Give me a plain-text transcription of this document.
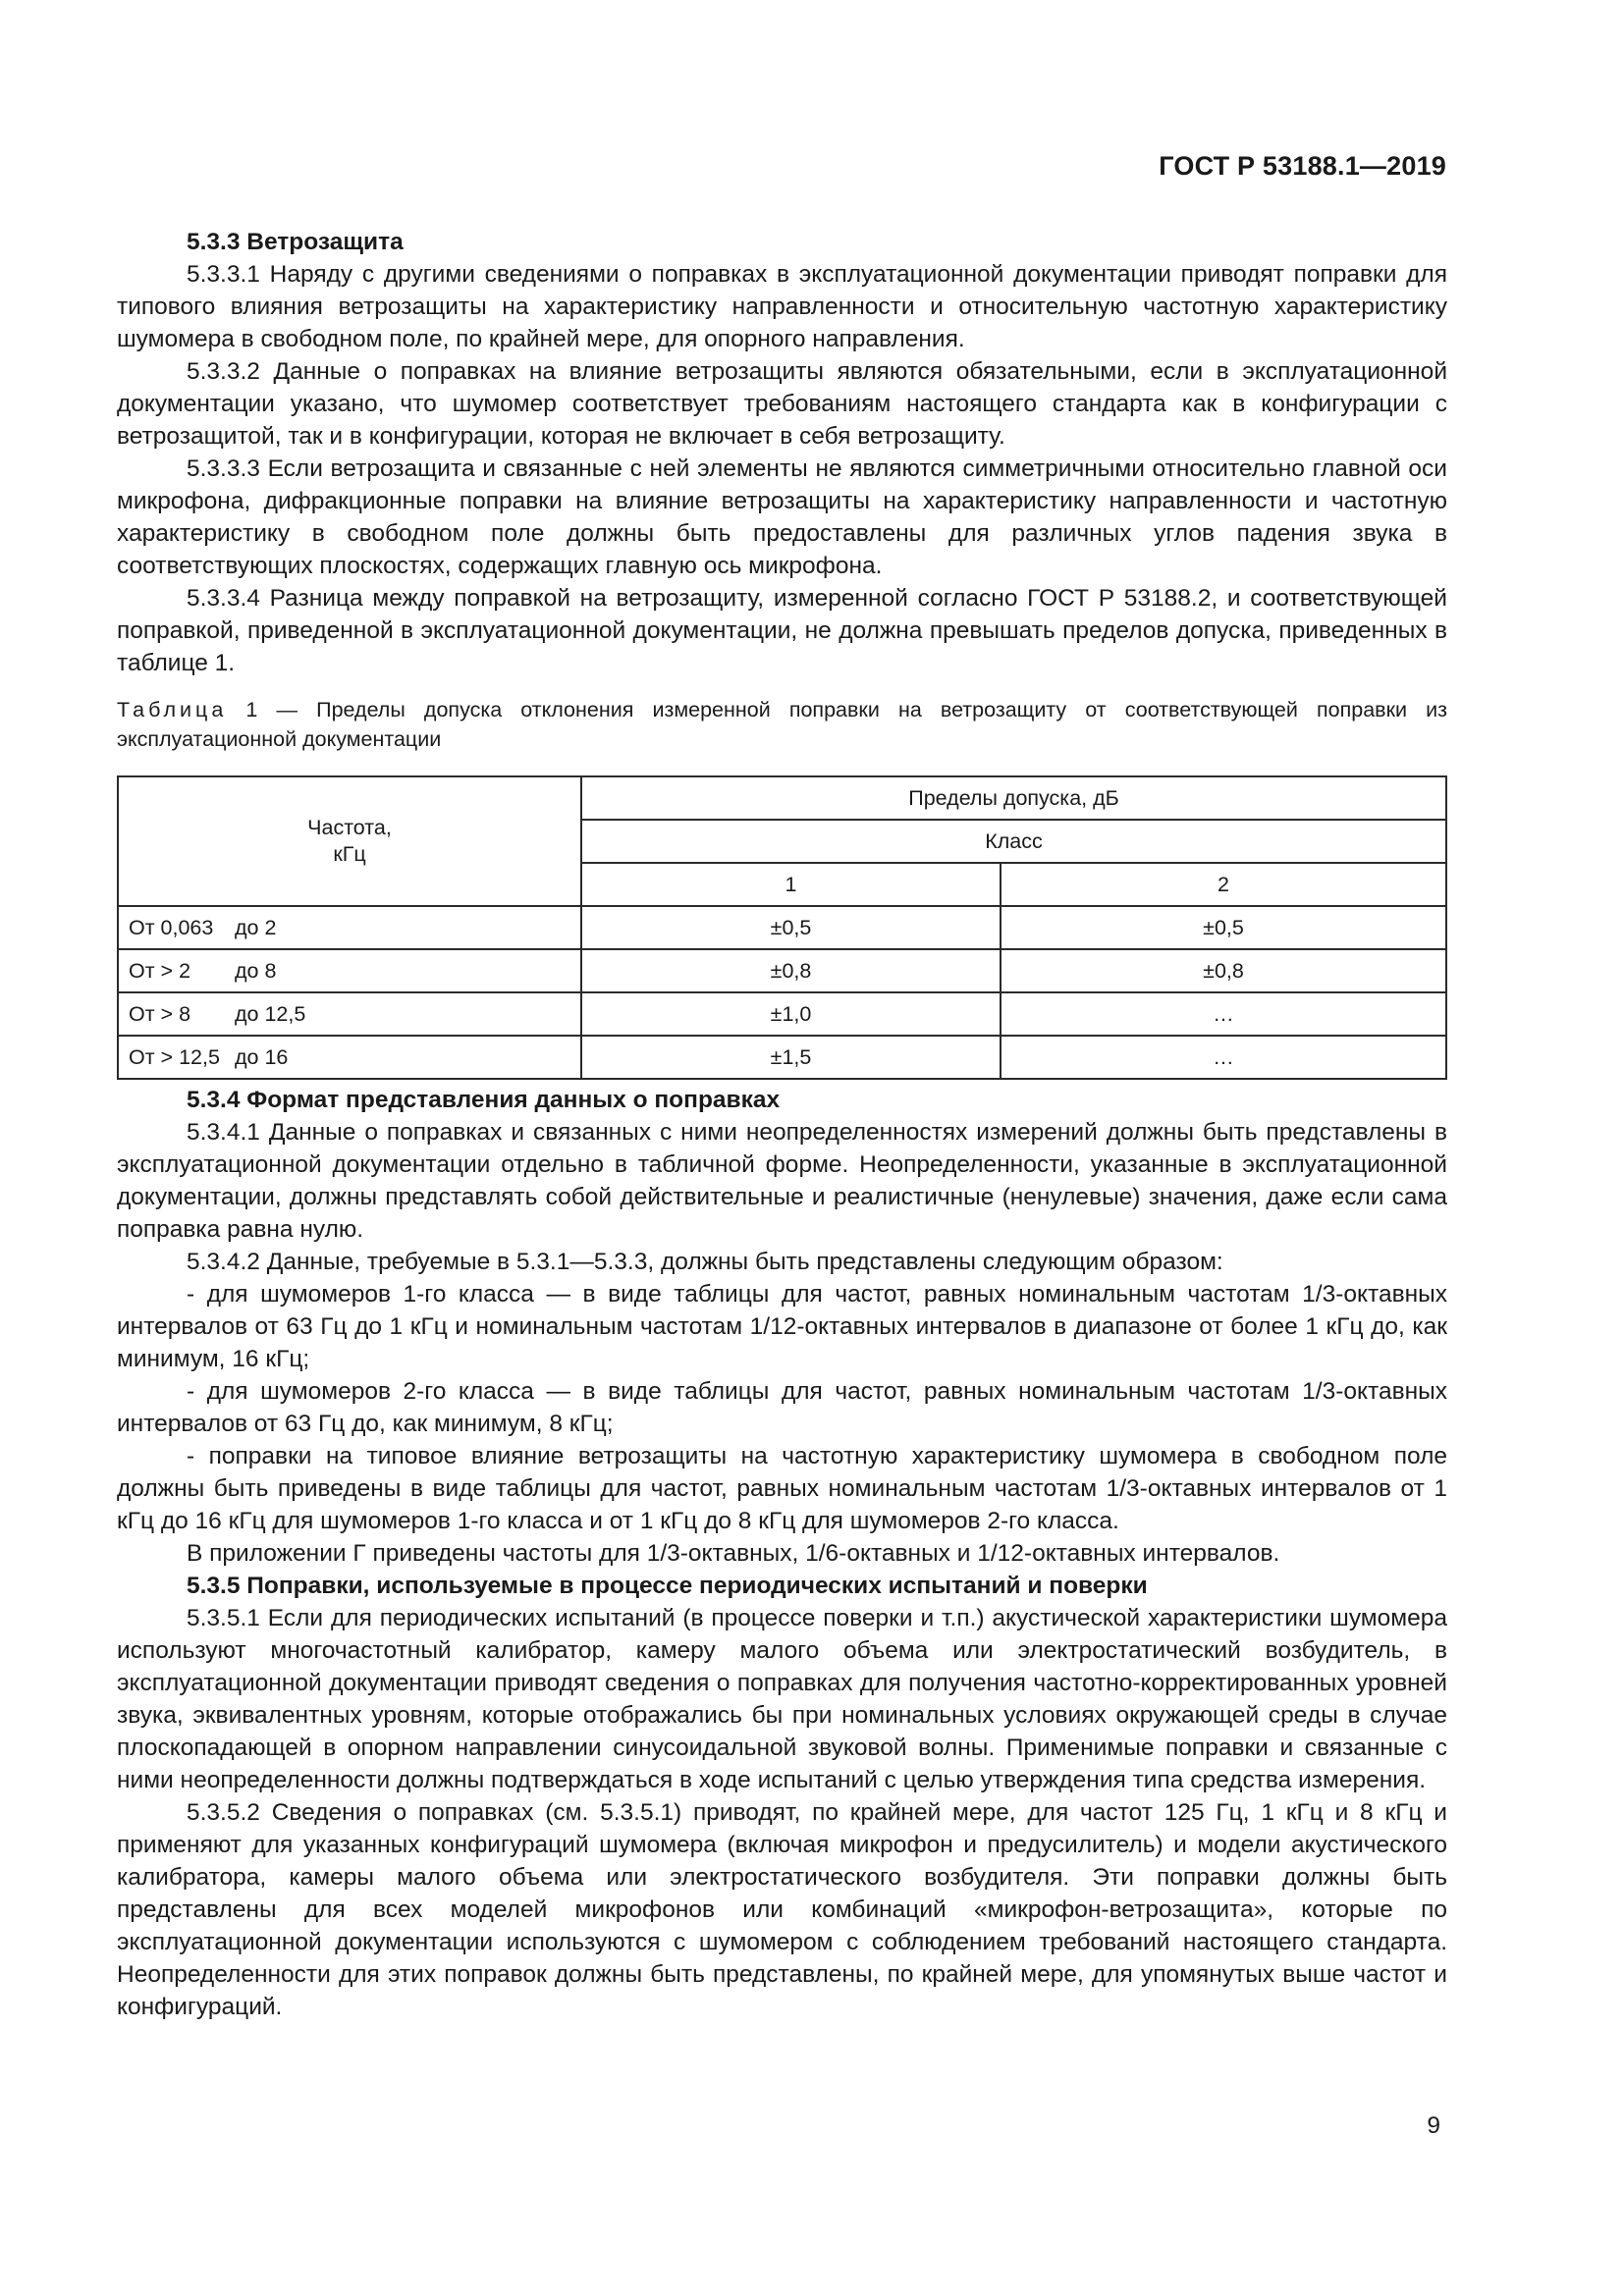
ГОСТ Р 53188.1—2019

5.3.3 Ветрозащита

5.3.3.1 Наряду с другими сведениями о поправках в эксплуатационной документации приводят поправки для типового влияния ветрозащиты на характеристику направленности и относительную частотную характеристику шумомера в свободном поле, по крайней мере, для опорного направления.

5.3.3.2 Данные о поправках на влияние ветрозащиты являются обязательными, если в эксплуатационной документации указано, что шумомер соответствует требованиям настоящего стандарта как в конфигурации с ветрозащитой, так и в конфигурации, которая не включает в себя ветрозащиту.

5.3.3.3 Если ветрозащита и связанные с ней элементы не являются симметричными относительно главной оси микрофона, дифракционные поправки на влияние ветрозащиты на характеристику направленности и частотную характеристику в свободном поле должны быть предоставлены для различных углов падения звука в соответствующих плоскостях, содержащих главную ось микрофона.

5.3.3.4 Разница между поправкой на ветрозащиту, измеренной согласно ГОСТ Р 53188.2, и соответствующей поправкой, приведенной в эксплуатационной документации, не должна превышать пределов допуска, приведенных в таблице 1.

Таблица 1 — Пределы допуска отклонения измеренной поправки на ветрозащиту от соответствующей поправки из эксплуатационной документации

Частота,
кГц	Пределы допуска, дБ	
	Класс	
	1	2
От 0,063 до 2	±0,5	±0,5
От > 2 до 8	±0,8	±0,8
От > 8 до 12,5	±1,0	…
От > 12,5 до 16	±1,5	…

5.3.4 Формат представления данных о поправках

5.3.4.1 Данные о поправках и связанных с ними неопределенностях измерений должны быть представлены в эксплуатационной документации отдельно в табличной форме. Неопределенности, указанные в эксплуатационной документации, должны представлять собой действительные и реалистичные (ненулевые) значения, даже если сама поправка равна нулю.

5.3.4.2 Данные, требуемые в 5.3.1—5.3.3, должны быть представлены следующим образом:

- для шумомеров 1-го класса — в виде таблицы для частот, равных номинальным частотам 1/3-октавных интервалов от 63 Гц до 1 кГц и номинальным частотам 1/12-октавных интервалов в диапазоне от более 1 кГц до, как минимум, 16 кГц;

- для шумомеров 2-го класса — в виде таблицы для частот, равных номинальным частотам 1/3-октавных интервалов от 63 Гц до, как минимум, 8 кГц;

- поправки на типовое влияние ветрозащиты на частотную характеристику шумомера в свободном поле должны быть приведены в виде таблицы для частот, равных номинальным частотам 1/3-октавных интервалов от 1 кГц до 16 кГц для шумомеров 1-го класса и от 1 кГц до 8 кГц для шумомеров 2-го класса.

В приложении Г приведены частоты для 1/3-октавных, 1/6-октавных и 1/12-октавных интервалов.

5.3.5 Поправки, используемые в процессе периодических испытаний и поверки

5.3.5.1 Если для периодических испытаний (в процессе поверки и т.п.) акустической характеристики шумомера используют многочастотный калибратор, камеру малого объема или электростатический возбудитель, в эксплуатационной документации приводят сведения о поправках для получения частотно-корректированных уровней звука, эквивалентных уровням, которые отображались бы при номинальных условиях окружающей среды в случае плоскопадающей в опорном направлении синусоидальной звуковой волны. Применимые поправки и связанные с ними неопределенности должны подтверждаться в ходе испытаний с целью утверждения типа средства измерения.

5.3.5.2 Сведения о поправках (см. 5.3.5.1) приводят, по крайней мере, для частот 125 Гц, 1 кГц и 8 кГц и применяют для указанных конфигураций шумомера (включая микрофон и предусилитель) и модели акустического калибратора, камеры малого объема или электростатического возбудителя. Эти поправки должны быть представлены для всех моделей микрофонов или комбинаций «микрофон-ветрозащита», которые по эксплуатационной документации используются с шумомером с соблюдением требований настоящего стандарта. Неопределенности для этих поправок должны быть представлены, по крайней мере, для упомянутых выше частот и конфигураций.

9
